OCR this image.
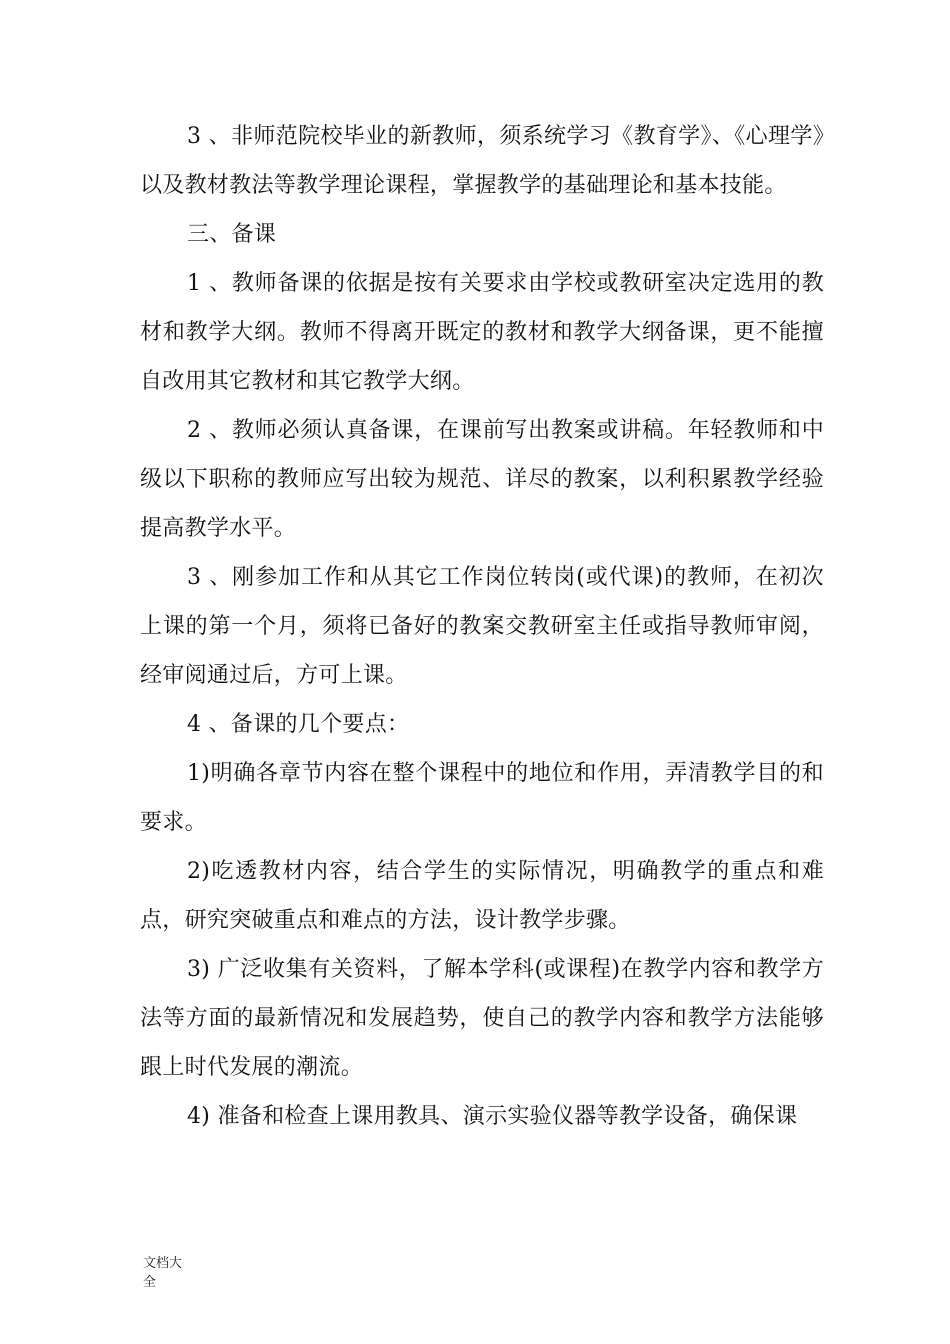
3 、非师范院校毕业的新教师，须系统学习《教育学》、《心理学》以及教材教法等教学理论课程，掌握教学的基础理论和基本技能。

三、备课

1 、教师备课的依据是按有关要求由学校或教研室决定选用的教材和教学大纲。教师不得离开既定的教材和教学大纲备课，更不能擅自改用其它教材和其它教学大纲。

2 、教师必须认真备课，在课前写出教案或讲稿。年轻教师和中级以下职称的教师应写出较为规范、详尽的教案，以利积累教学经验提高教学水平。

3 、刚参加工作和从其它工作岗位转岗(或代课)的教师，在初次上课的第一个月，须将已备好的教案交教研室主任或指导教师审阅，经审阅通过后，方可上课。

4 、备课的几个要点：

1)明确各章节内容在整个课程中的地位和作用，弄清教学目的和要求。

2)吃透教材内容，结合学生的实际情况，明确教学的重点和难点，研究突破重点和难点的方法，设计教学步骤。

3) 广泛收集有关资料，了解本学科(或课程)在教学内容和教学方法等方面的最新情况和发展趋势，使自己的教学内容和教学方法能够跟上时代发展的潮流。

4) 准备和检查上课用教具、演示实验仪器等教学设备，确保课

文档大全
